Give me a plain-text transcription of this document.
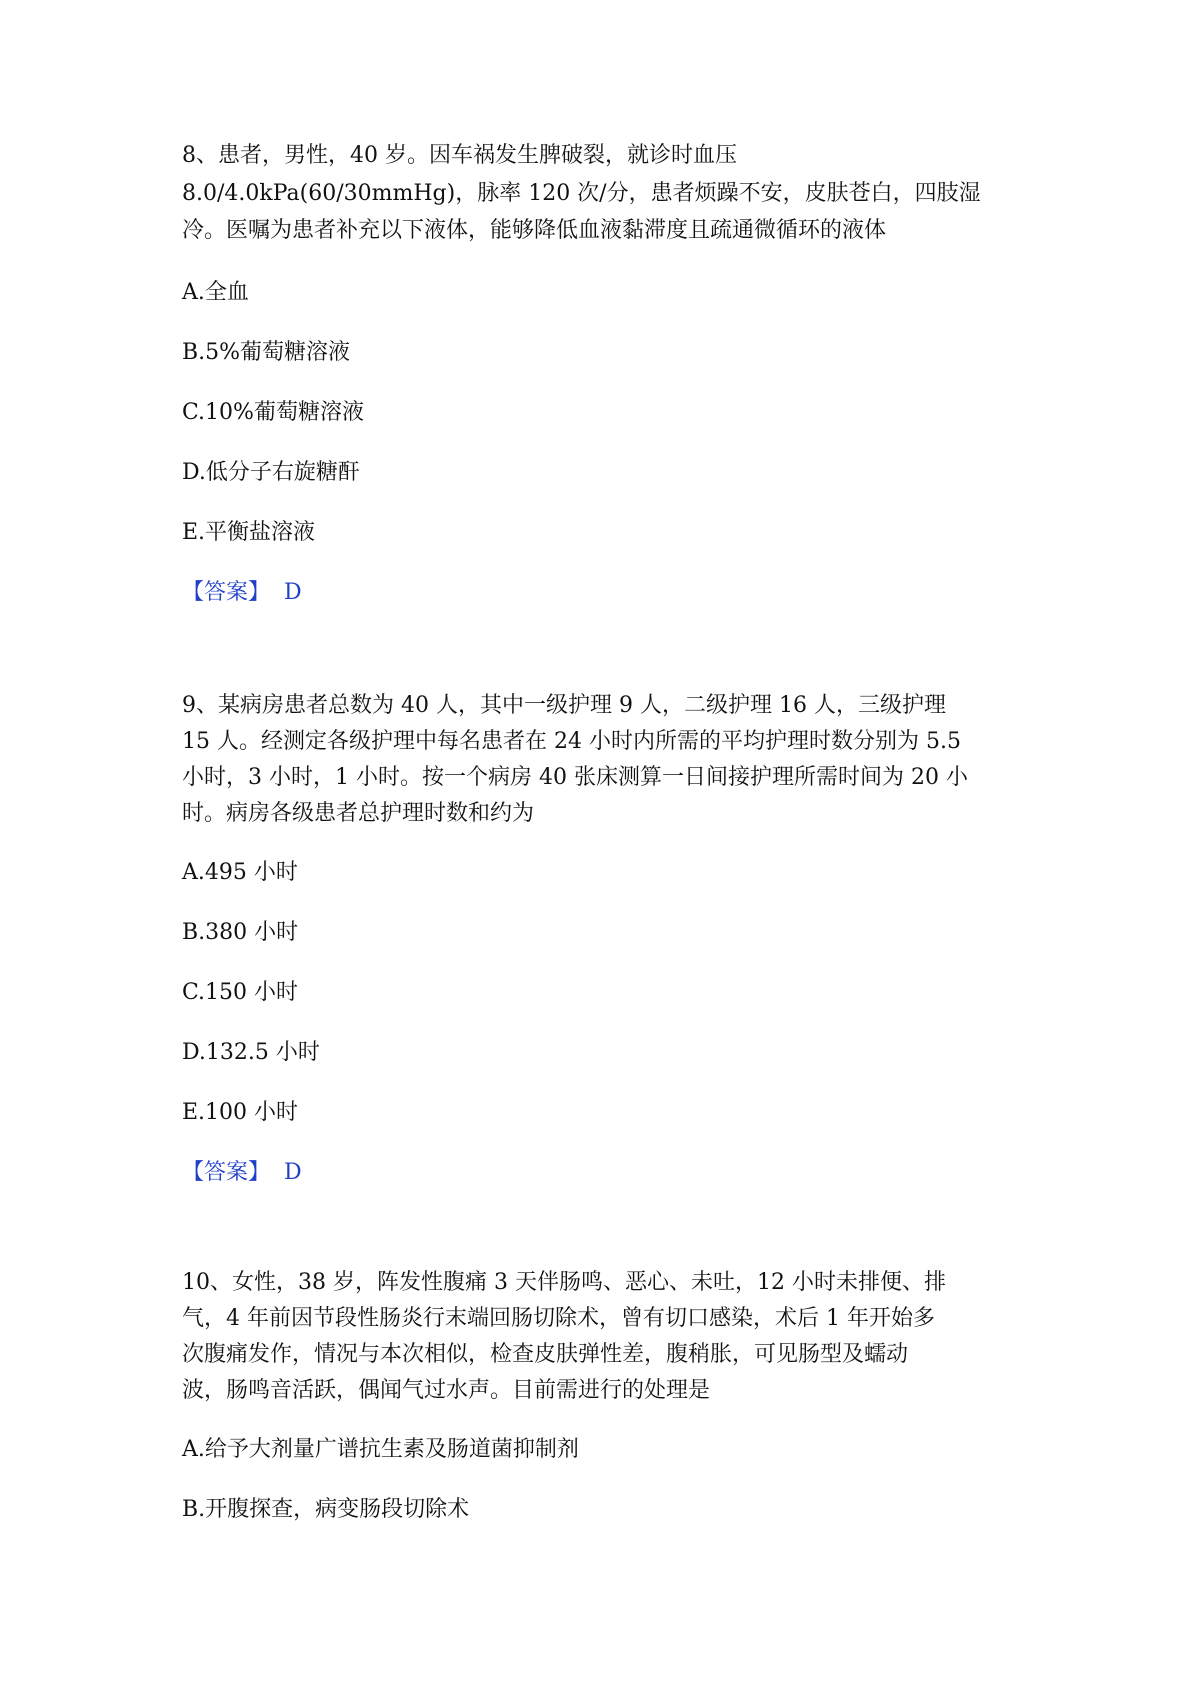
8、患者，男性，40 岁。因车祸发生脾破裂，就诊时血压
8.0/4.0kPa(60/30mmHg)，脉率 120 次/分，患者烦躁不安，皮肤苍白，四肢湿
冷。医嘱为患者补充以下液体，能够降低血液黏滞度且疏通微循环的液体
A.全血
B.5%葡萄糖溶液
C.10%葡萄糖溶液
D.低分子右旋糖酐
E.平衡盐溶液
【答案】 D
9、某病房患者总数为 40 人，其中一级护理 9 人，二级护理 16 人，三级护理
15 人。经测定各级护理中每名患者在 24 小时内所需的平均护理时数分别为 5.5
小时，3 小时，1 小时。按一个病房 40 张床测算一日间接护理所需时间为 20 小
时。病房各级患者总护理时数和约为
A.495 小时
B.380 小时
C.150 小时
D.132.5 小时
E.100 小时
【答案】 D
10、女性，38 岁，阵发性腹痛 3 天伴肠鸣、恶心、未吐，12 小时未排便、排
气，4 年前因节段性肠炎行末端回肠切除术，曾有切口感染，术后 1 年开始多
次腹痛发作，情况与本次相似，检查皮肤弹性差，腹稍胀，可见肠型及蠕动
波，肠鸣音活跃，偶闻气过水声。目前需进行的处理是
A.给予大剂量广谱抗生素及肠道菌抑制剂
B.开腹探查，病变肠段切除术
